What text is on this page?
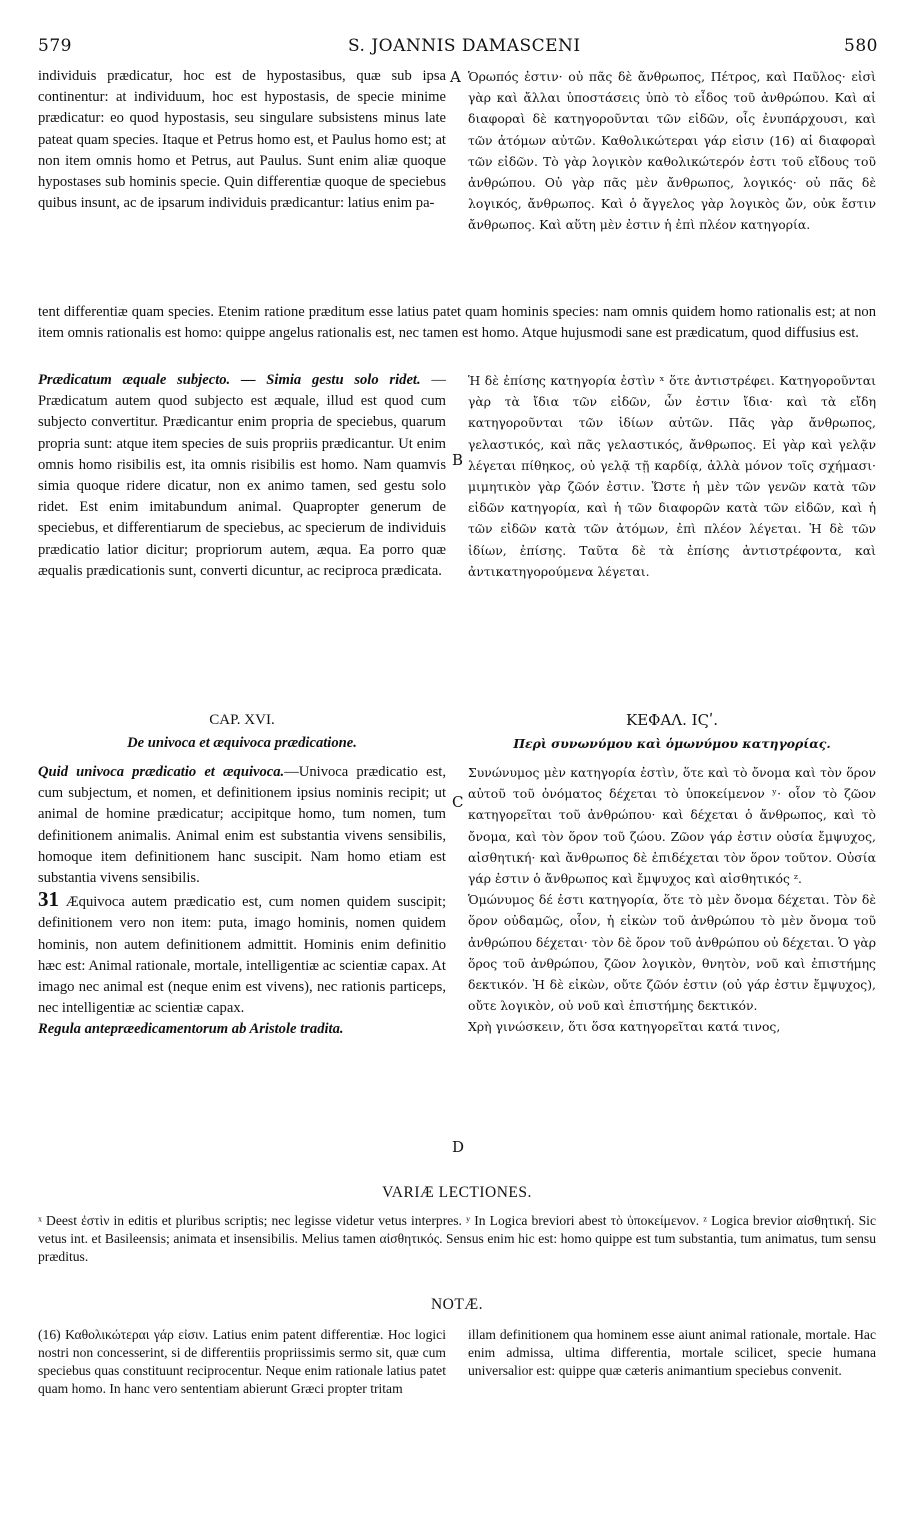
579	S. JOANNIS DAMASCENI	580

individuis prædicatur, hoc est de hypostasibus, quæ sub ipsa continentur: at individuum, hoc est hypostasis, de specie minime prædicatur: eo quod hypostasis, seu singulare subsistens minus late pateat quam species. Itaque et Petrus homo est, et Paulus homo est; at non item omnis homo et Petrus, aut Paulus. Sunt enim aliæ quoque hypostases sub hominis specie. Quin differentiæ quoque de speciebus quibus insunt, ac de ipsarum individuis prædicantur: latius enim pa-

A Ὁρωπός ἐστιν· οὐ πᾶς δὲ ἄνθρωπος, Πέτρος, καὶ Παῦλος· εἰσὶ γὰρ καὶ ἄλλαι ὑποστάσεις ὑπὸ τὸ εἶδος τοῦ ἀνθρώπου. Καὶ αἱ διαφοραὶ δὲ κατηγοροῦνται τῶν εἰδῶν, οἷς ἐνυπάρχουσι, καὶ τῶν ἀτόμων αὐτῶν. Καθολικώτεραι γάρ εἰσιν (16) αἱ διαφοραὶ τῶν εἰδῶν. Τὸ γὰρ λογικὸν καθολικώτερόν ἐστι τοῦ εἴδους τοῦ ἀνθρώπου. Οὐ γὰρ πᾶς μὲν ἄνθρωπος, λογικός· οὐ πᾶς δὲ λογικός, ἄνθρωπος. Καὶ ὁ ἄγγελος γὰρ λογικὸς ὤν, οὐκ ἔστιν ἄνθρωπος. Καὶ αὕτη μὲν ἐστιν ἡ ἐπὶ πλέον κατηγορία.

tent differentiæ quam species. Etenim ratione præditum esse latius patet quam hominis species: nam omnis quidem homo rationalis est; at non item omnis rationalis est homo: quippe angelus rationalis est, nec tamen est homo. Atque hujusmodi sane est prædicatum, quod diffusius est.

Prædicatum æquale subjecto. — Simia gestu solo ridet. — Prædicatum autem quod subjecto est æquale, illud est quod cum subjecto convertitur. Prædicantur enim propria de speciebus, quarum propria sunt: atque item species de suis propriis prædicantur. Ut enim omnis homo risibilis est, ita omnis risibilis est homo. Nam quamvis simia quoque ridere dicatur, non ex animo tamen, sed gestu solo ridet. Est enim imitabundum animal. Quapropter generum de speciebus, et differentiarum de speciebus, ac specierum de individuis prædicatio latior dicitur; propriorum autem, æqua. Ea porro quæ æqualis prædicationis sunt, converti dicuntur, ac reciproca prædicata.

B

Ἡ δὲ ἐπίσης κατηγορία ἐστὶν ˣ ὅτε ἀντιστρέφει. Κατηγοροῦνται γὰρ τὰ ἴδια τῶν εἰδῶν, ὧν ἐστιν ἴδια· καὶ τὰ εἴδη κατηγοροῦνται τῶν ἰδίων αὐτῶν. Πᾶς γὰρ ἄνθρωπος, γελαστικός, καὶ πᾶς γελαστικός, ἄνθρωπος. Εἰ γὰρ καὶ γελᾷν λέγεται πίθηκος, οὐ γελᾷ τῇ καρδίᾳ, ἀλλὰ μόνον τοῖς σχήμασι· μιμητικὸν γὰρ ζῶόν ἐστιν. Ὥστε ἡ μὲν τῶν γενῶν κατὰ τῶν εἰδῶν κατηγορία, καὶ ἡ τῶν διαφορῶν κατὰ τῶν εἰδῶν, καὶ ἡ τῶν εἰδῶν κατὰ τῶν ἀτόμων, ἐπὶ πλέον λέγεται. Ἡ δὲ τῶν ἰδίων, ἐπίσης. Ταῦτα δὲ τὰ ἐπίσης ἀντιστρέφοντα, καὶ ἀντικατηγορούμενα λέγεται.

CAP. XVI.

De univoca et æquivoca prædicatione.

ΚΕΦΑΛ. ΙϚʹ.

Περὶ συνωνύμου καὶ ὁμωνύμου κατηγορίας.

Quid univoca prædicatio et æquivoca.—Univoca prædicatio est, cum subjectum, et nomen, et definitionem ipsius nominis recipit; ut animal de homine prædicatur; accipitque homo, tum nomen, tum definitionem animalis. Animal enim est substantia vivens sensibilis, homoque item definitionem hanc suscipit. Nam homo etiam est substantia vivens sensibilis.

31 Æquivoca autem prædicatio est, cum nomen quidem suscipit; definitionem vero non item: puta, imago hominis, nomen quidem hominis, non autem definitionem admittit. Hominis enim definitio hæc est: Animal rationale, mortale, intelligentiæ ac scientiæ capax. At imago nec animal est (neque enim est vivens), nec rationis particeps, nec intelligentiæ ac scientiæ capax.

Regula antepræedicamentorum ab Aristole tradita.

C
D

Συνώνυμος μὲν κατηγορία ἐστὶν, ὅτε καὶ τὸ ὄνομα καὶ τὸν ὅρον αὐτοῦ τοῦ ὀνόματος δέχεται τὸ ὑποκείμενον ʸ· οἷον τὸ ζῶον κατηγορεῖται τοῦ ἀνθρώπου· καὶ δέχεται ὁ ἄνθρωπος, καὶ τὸ ὄνομα, καὶ τὸν ὅρον τοῦ ζώου. Ζῶον γάρ ἐστιν οὐσία ἔμψυχος, αἰσθητική· καὶ ἄνθρωπος δὲ ἐπιδέχεται τὸν ὅρον τοῦτον. Οὐσία γάρ ἐστιν ὁ ἄνθρωπος καὶ ἔμψυχος καὶ αἰσθητικός ᶻ.

Ὁμώνυμος δέ ἐστι κατηγορία, ὅτε τὸ μὲν ὄνομα δέχεται. Τὸν δὲ ὅρον οὐδαμῶς, οἷον, ἡ εἰκὼν τοῦ ἀνθρώπου τὸ μὲν ὄνομα τοῦ ἀνθρώπου δέχεται· τὸν δὲ ὅρον τοῦ ἀνθρώπου οὐ δέχεται. Ὁ γὰρ ὅρος τοῦ ἀνθρώπου, ζῶον λογικὸν, θνητὸν, νοῦ καὶ ἐπιστήμης δεκτικόν. Ἡ δὲ εἰκὼν, οὔτε ζῶόν ἐστιν (οὐ γάρ ἐστιν ἔμψυχος), οὔτε λογικὸν, οὐ νοῦ καὶ ἐπιστήμης δεκτικόν.

Χρὴ γινώσκειν, ὅτι ὅσα κατηγορεῖται κατά τινος,

VARIÆ LECTIONES.
ˣ Deest ἐστὶν in editis et pluribus scriptis; nec legisse videtur vetus interpres. ʸ In Logica breviori abest τὸ ὑποκείμενον. ᶻ Logica brevior αἰσθητική. Sic vetus int. et Basileensis; animata et insensibilis. Melius tamen αἰσθητικός. Sensus enim hic est: homo quippe est tum substantia, tum animatus, tum sensu præditus.
NOTÆ.
(16) Καθολικώτεραι γάρ εἰσιν. Latius enim patent differentiæ. Hoc logici nostri non concesserint, si de differentiis propriissimis sermo sit, quæ cum speciebus quas constituunt reciprocentur. Neque enim rationale latius patet quam homo. In hanc vero sententiam abierunt Græci propter tritam
illam definitionem qua hominem esse aiunt animal rationale, mortale. Hac enim admissa, ultima differentia, mortale scilicet, specie humana universalior est: quippe quæ cæteris animantium speciebus convenit.
